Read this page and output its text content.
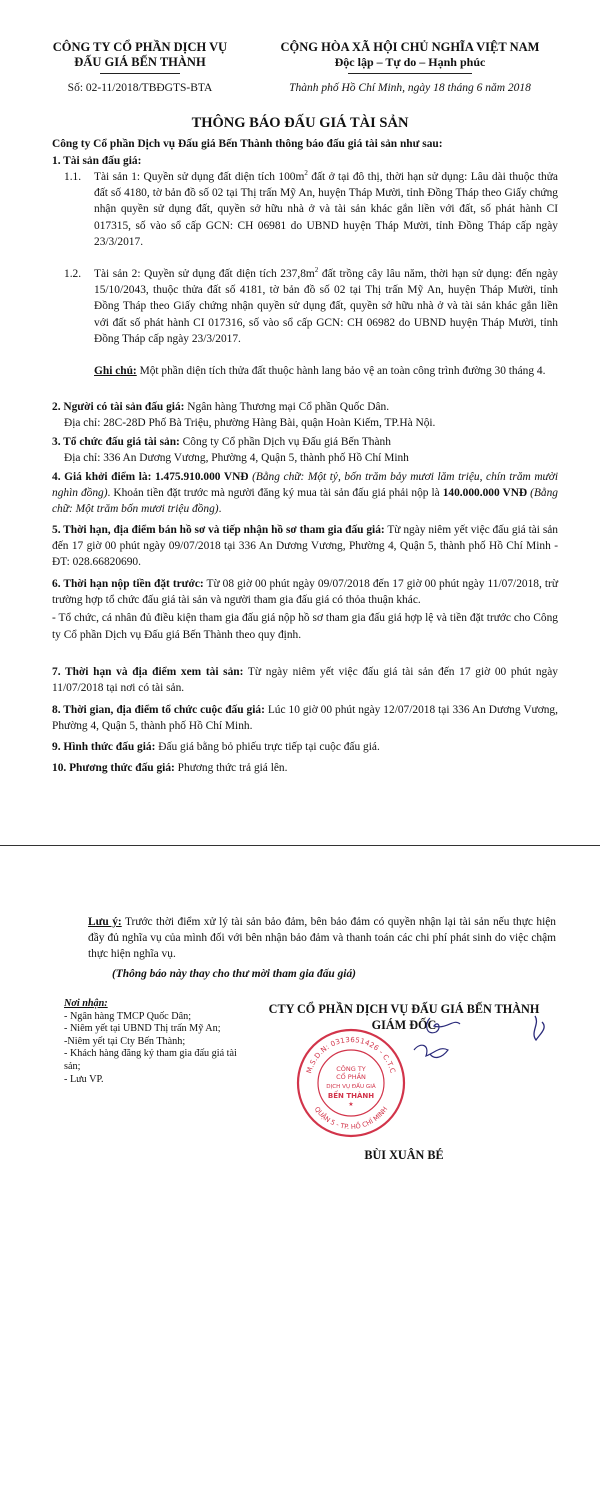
CÔNG TY CỔ PHẦN DỊCH VỤ
ĐẤU GIÁ BẾN THÀNH
Số: 02-11/2018/TBĐGTS-BTA
CỘNG HÒA XÃ HỘI CHỦ NGHĨA VIỆT NAM
Độc lập – Tự do – Hạnh phúc
Thành phố Hồ Chí Minh, ngày 18 tháng 6 năm 2018
THÔNG BÁO ĐẤU GIÁ TÀI SẢN
Công ty Cổ phần Dịch vụ Đấu giá Bến Thành thông báo đấu giá tài sản như sau:
1. Tài sản đấu giá:
1.1.	Tài sản 1: Quyền sử dụng đất diện tích $100m^2$ đất ở tại đô thị, thời hạn sử dụng: Lâu dài thuộc thửa đất số 4180, tờ bản đồ số 02 tại Thị trấn Mỹ An, huyện Tháp Mười, tỉnh Đồng Tháp theo Giấy chứng nhận quyền sử dụng đất, quyền sở hữu nhà ở và tài sản khác gắn liền với đất, số phát hành CI 017315, số vào sổ cấp GCN: CH 06981 do UBND huyện Tháp Mười, tỉnh Đồng Tháp cấp ngày 23/3/2017.
1.2.	Tài sản 2: Quyền sử dụng đất diện tích $237,8m^2$ đất trồng cây lâu năm, thời hạn sử dụng: đến ngày 15/10/2043, thuộc thửa đất số 4181, tờ bản đồ số 02 tại Thị trấn Mỹ An, huyện Tháp Mười, tỉnh Đồng Tháp theo Giấy chứng nhận quyền sử dụng đất, quyền sở hữu nhà ở và tài sản khác gắn liền với đất số phát hành CI 017316, số vào sổ cấp GCN: CH 06982 do UBND huyện Tháp Mười, tỉnh Đồng Tháp cấp ngày 23/3/2017.
Ghi chú: Một phần diện tích thửa đất thuộc hành lang bảo vệ an toàn công trình đường 30 tháng 4.
2. Người có tài sản đấu giá: Ngân hàng Thương mại Cổ phần Quốc Dân.
Địa chỉ: 28C-28D Phố Bà Triệu, phường Hàng Bài, quận Hoàn Kiếm, TP.Hà Nội.
3. Tổ chức đấu giá tài sản: Công ty Cổ phần Dịch vụ Đấu giá Bến Thành
Địa chỉ: 336 An Dương Vương, Phường 4, Quận 5, thành phố Hồ Chí Minh
4. Giá khởi điểm là: 1.475.910.000 VNĐ (Bằng chữ: Một tỷ, bốn trăm bảy mươi lăm triệu, chín trăm mười nghìn đồng). Khoản tiền đặt trước mà người đăng ký mua tài sản đấu giá phải nộp là 140.000.000 VNĐ (Bằng chữ: Một trăm bốn mươi triệu đồng).
5. Thời hạn, địa điểm bán hồ sơ và tiếp nhận hồ sơ tham gia đấu giá: Từ ngày niêm yết việc đấu giá tài sản đến 17 giờ 00 phút ngày 09/07/2018 tại 336 An Dương Vương, Phường 4, Quận 5, thành phố Hồ Chí Minh - ĐT: 028.66820690.
6. Thời hạn nộp tiền đặt trước: Từ 08 giờ 00 phút ngày 09/07/2018 đến 17 giờ 00 phút ngày 11/07/2018, trừ trường hợp tổ chức đấu giá tài sản và người tham gia đấu giá có thỏa thuận khác.
- Tổ chức, cá nhân đủ điều kiện tham gia đấu giá nộp hồ sơ tham gia đấu giá hợp lệ và tiền đặt trước cho Công ty Cổ phần Dịch vụ Đấu giá Bến Thành theo quy định.
7. Thời hạn và địa điểm xem tài sản: Từ ngày niêm yết việc đấu giá tài sản đến 17 giờ 00 phút ngày 11/07/2018 tại nơi có tài sản.
8. Thời gian, địa điểm tổ chức cuộc đấu giá: Lúc 10 giờ 00 phút ngày 12/07/2018 tại 336 An Dương Vương, Phường 4, Quận 5, thành phố Hồ Chí Minh.
9. Hình thức đấu giá: Đấu giá bằng bỏ phiếu trực tiếp tại cuộc đấu giá.
10. Phương thức đấu giá: Phương thức trả giá lên.
Lưu ý: Trước thời điểm xử lý tài sản bảo đảm, bên bảo đảm có quyền nhận lại tài sản nếu thực hiện đầy đủ nghĩa vụ của mình đối với bên nhận bảo đảm và thanh toán các chi phí phát sinh do việc chậm thực hiện nghĩa vụ.
(Thông báo này thay cho thư mời tham gia đấu giá)
Nơi nhận:
- Ngân hàng TMCP Quốc Dân;
- Niêm yết tại UBND Thị trấn Mỹ An;
-Niêm yết tại Cty Bến Thành;
- Khách hàng đăng ký tham gia đấu giá tài sản;
- Lưu VP.
CTY CỔ PHẦN DỊCH VỤ ĐẤU GIÁ BẾN THÀNH
GIÁM ĐỐC
M.S.D.N: 0313651426 - C.T.C
QUẬN 5 - TP. HỒ CHÍ MINH
CÔNG TY
CỔ PHẦN
DỊCH VỤ ĐẤU GIÁ
BẾN THÀNH
★
BÙI XUÂN BÉ
